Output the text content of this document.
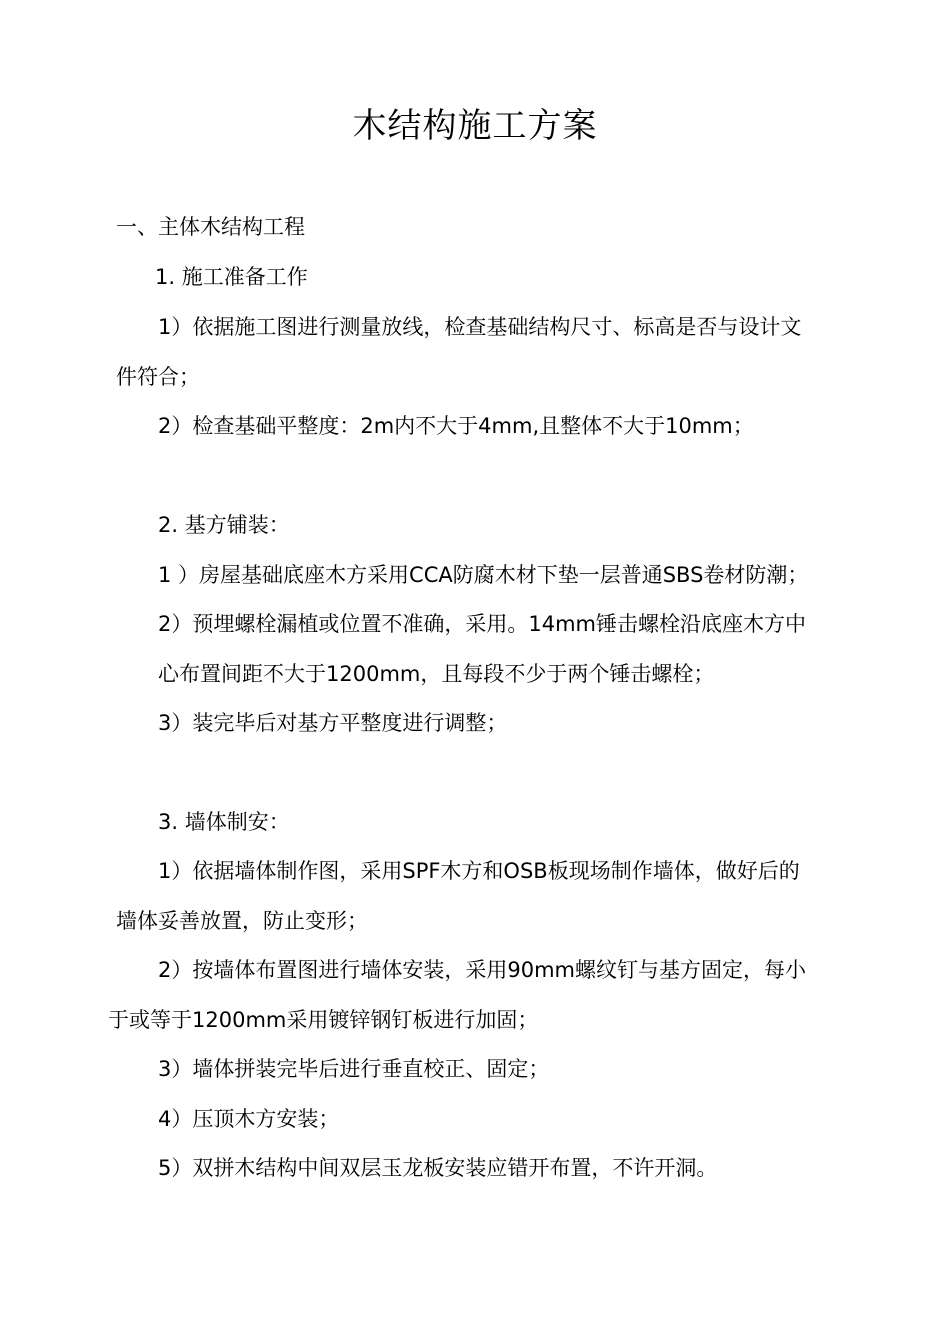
木结构施工方案
一、主体木结构工程
1. 施工准备工作
1）依据施工图进行测量放线，检查基础结构尺寸、标高是否与设计文
件符合；
2）检查基础平整度：2m内不大于4mm,且整体不大于10mm；
2. 基方铺装：
1 ）房屋基础底座木方采用CCA防腐木材下垫一层普通SBS卷材防潮；
2）预埋螺栓漏植或位置不准确，采用。14mm锤击螺栓沿底座木方中
心布置间距不大于1200mm，且每段不少于两个锤击螺栓；
3）装完毕后对基方平整度进行调整；
3. 墙体制安：
1）依据墙体制作图，采用SPF木方和OSB板现场制作墙体，做好后的
墙体妥善放置，防止变形；
2）按墙体布置图进行墙体安装，采用90mm螺纹钉与基方固定，每小
于或等于1200mm采用镀锌钢钉板进行加固；
3）墙体拼装完毕后进行垂直校正、固定；
4）压顶木方安装；
5）双拼木结构中间双层玉龙板安装应错开布置，不许开洞。
